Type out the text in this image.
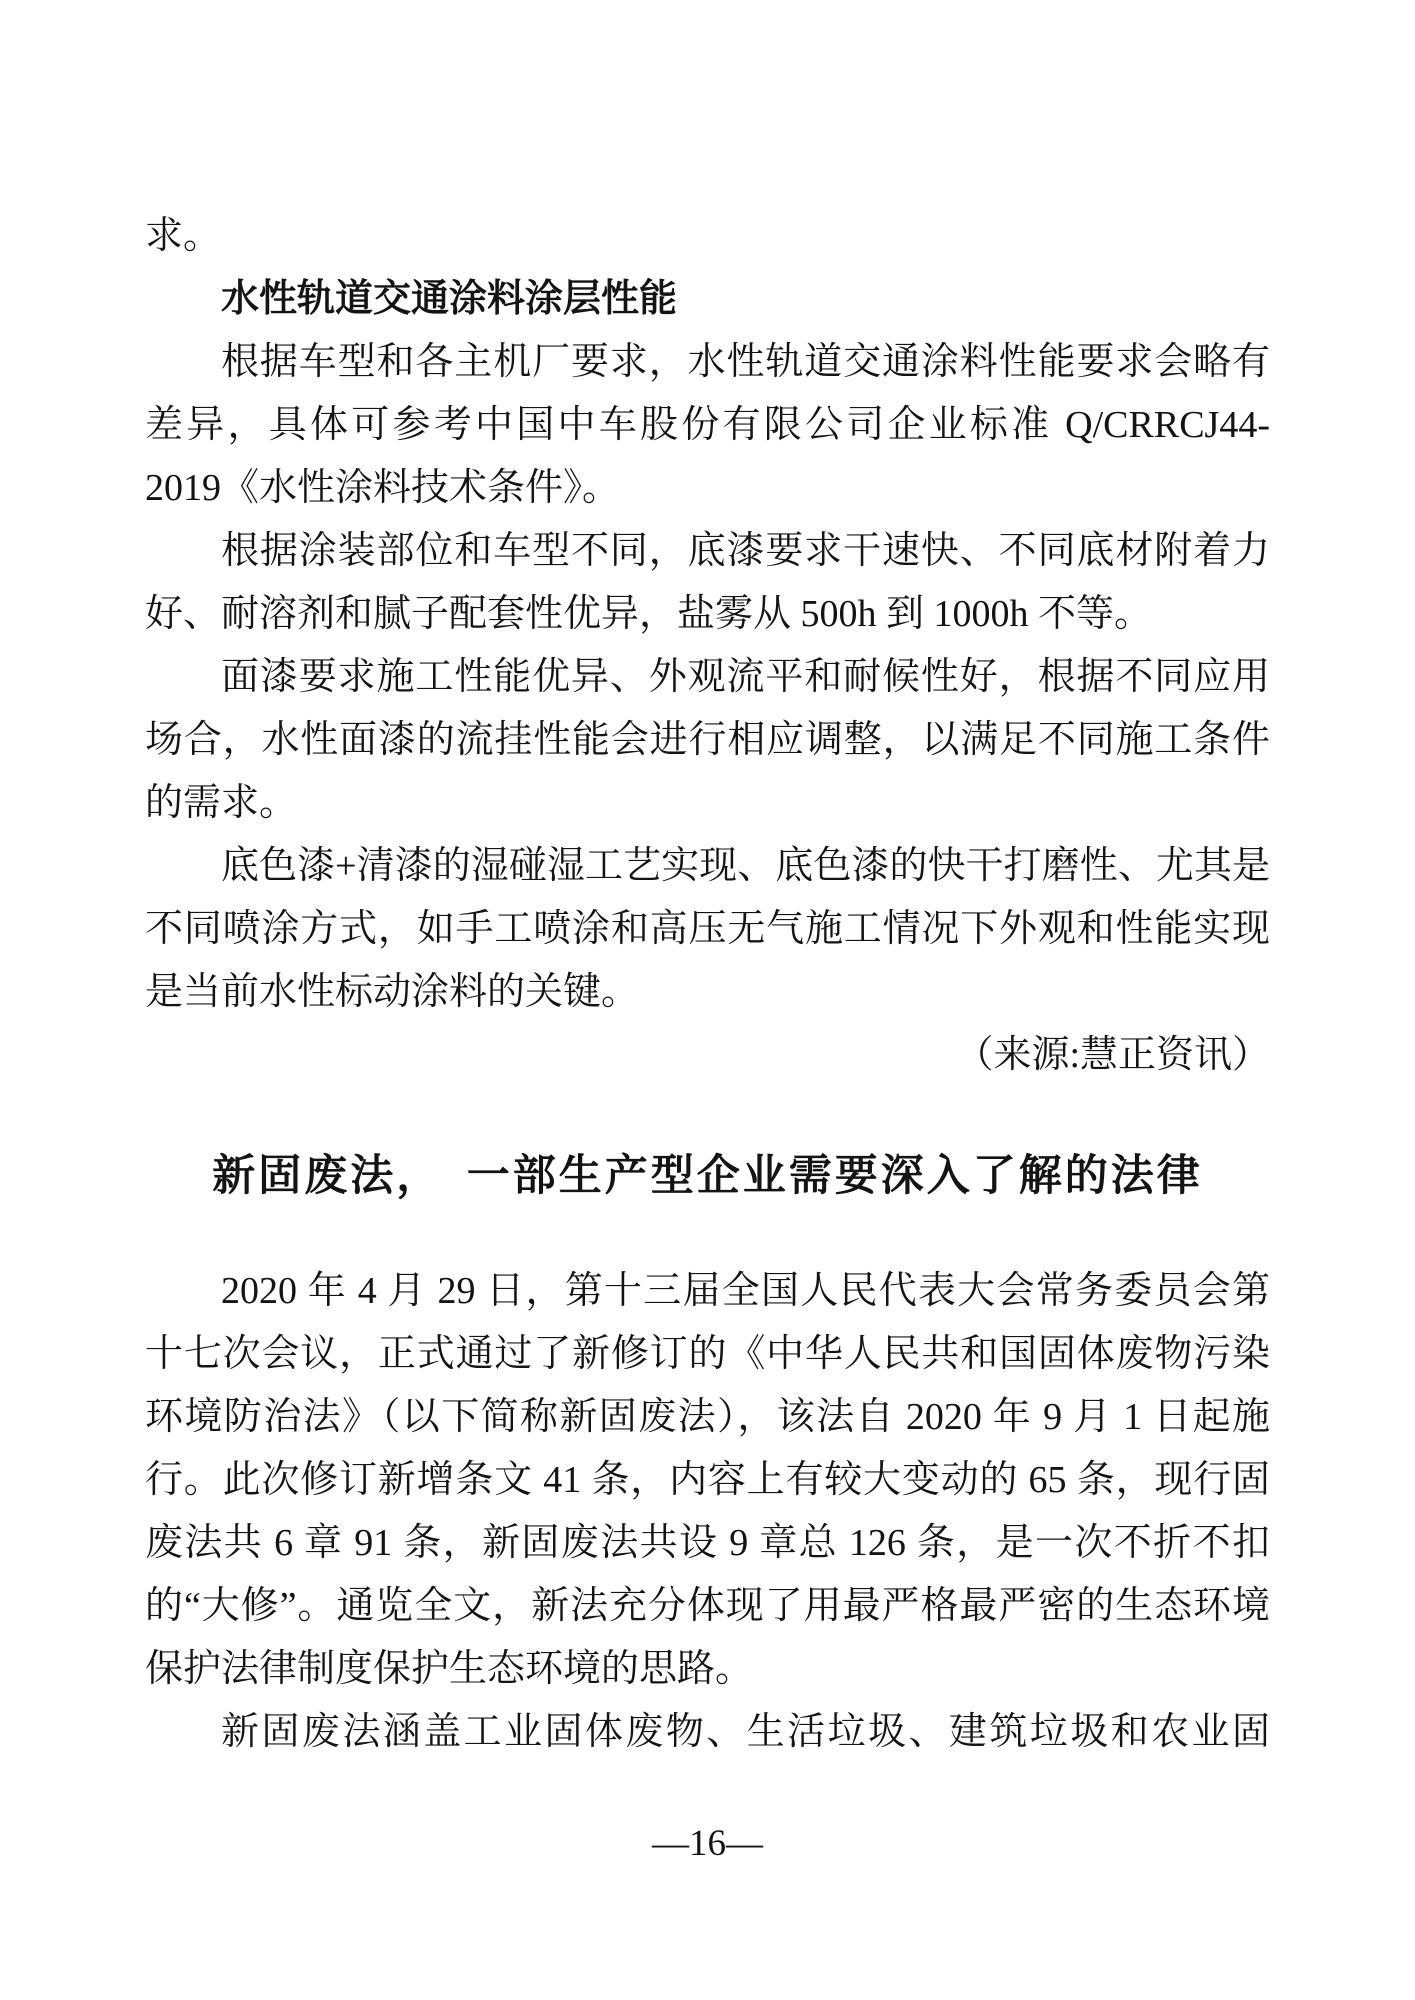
求。

水性轨道交通涂料涂层性能

根据车型和各主机厂要求，水性轨道交通涂料性能要求会略有差异，具体可参考中国中车股份有限公司企业标准 Q/CRRCJ44-2019《水性涂料技术条件》。

根据涂装部位和车型不同，底漆要求干速快、不同底材附着力好、耐溶剂和腻子配套性优异，盐雾从 500h 到 1000h 不等。

面漆要求施工性能优异、外观流平和耐候性好，根据不同应用场合，水性面漆的流挂性能会进行相应调整，以满足不同施工条件的需求。

底色漆+清漆的湿碰湿工艺实现、底色漆的快干打磨性、尤其是不同喷涂方式，如手工喷涂和高压无气施工情况下外观和性能实现是当前水性标动涂料的关键。

（来源:慧正资讯）

新固废法，　一部生产型企业需要深入了解的法律

2020 年 4 月 29 日，第十三届全国人民代表大会常务委员会第十七次会议，正式通过了新修订的《中华人民共和国固体废物污染环境防治法》（以下简称新固废法），该法自 2020 年 9 月 1 日起施行。此次修订新增条文 41 条，内容上有较大变动的 65 条，现行固废法共 6 章 91 条，新固废法共设 9 章总 126 条，是一次不折不扣的“大修”。通览全文，新法充分体现了用最严格最严密的生态环境保护法律制度保护生态环境的思路。

新固废法涵盖工业固体废物、生活垃圾、建筑垃圾和农业固

—16—
